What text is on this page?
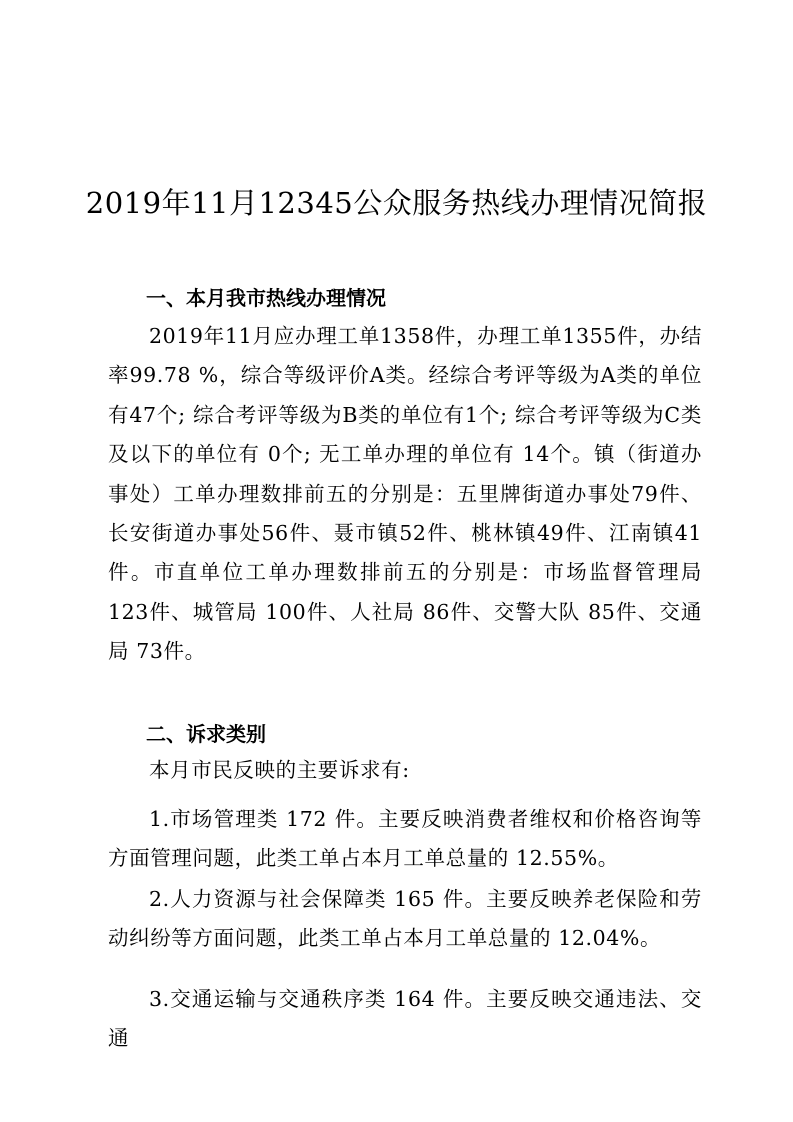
2019年11月12345公众服务热线办理情况简报
一、本月我市热线办理情况
2019年11月应办理工单1358件，办理工单1355件，办结率99.78 %，综合等级评价A类。经综合考评等级为A类的单位有47个; 综合考评等级为B类的单位有1个; 综合考评等级为C类及以下的单位有 0个; 无工单办理的单位有 14个。镇（街道办事处）工单办理数排前五的分别是：五里牌街道办事处79件、长安街道办事处56件、聂市镇52件、桃林镇49件、江南镇41件。市直单位工单办理数排前五的分别是：市场监督管理局 123件、城管局 100件、人社局 86件、交警大队 85件、交通局 73件。
二、诉求类别
本月市民反映的主要诉求有:
1.市场管理类 172 件。主要反映消费者维权和价格咨询等方面管理问题，此类工单占本月工单总量的 12.55%。
2.人力资源与社会保障类 165 件。主要反映养老保险和劳动纠纷等方面问题，此类工单占本月工单总量的 12.04%。
3.交通运输与交通秩序类 164 件。主要反映交通违法、交通
